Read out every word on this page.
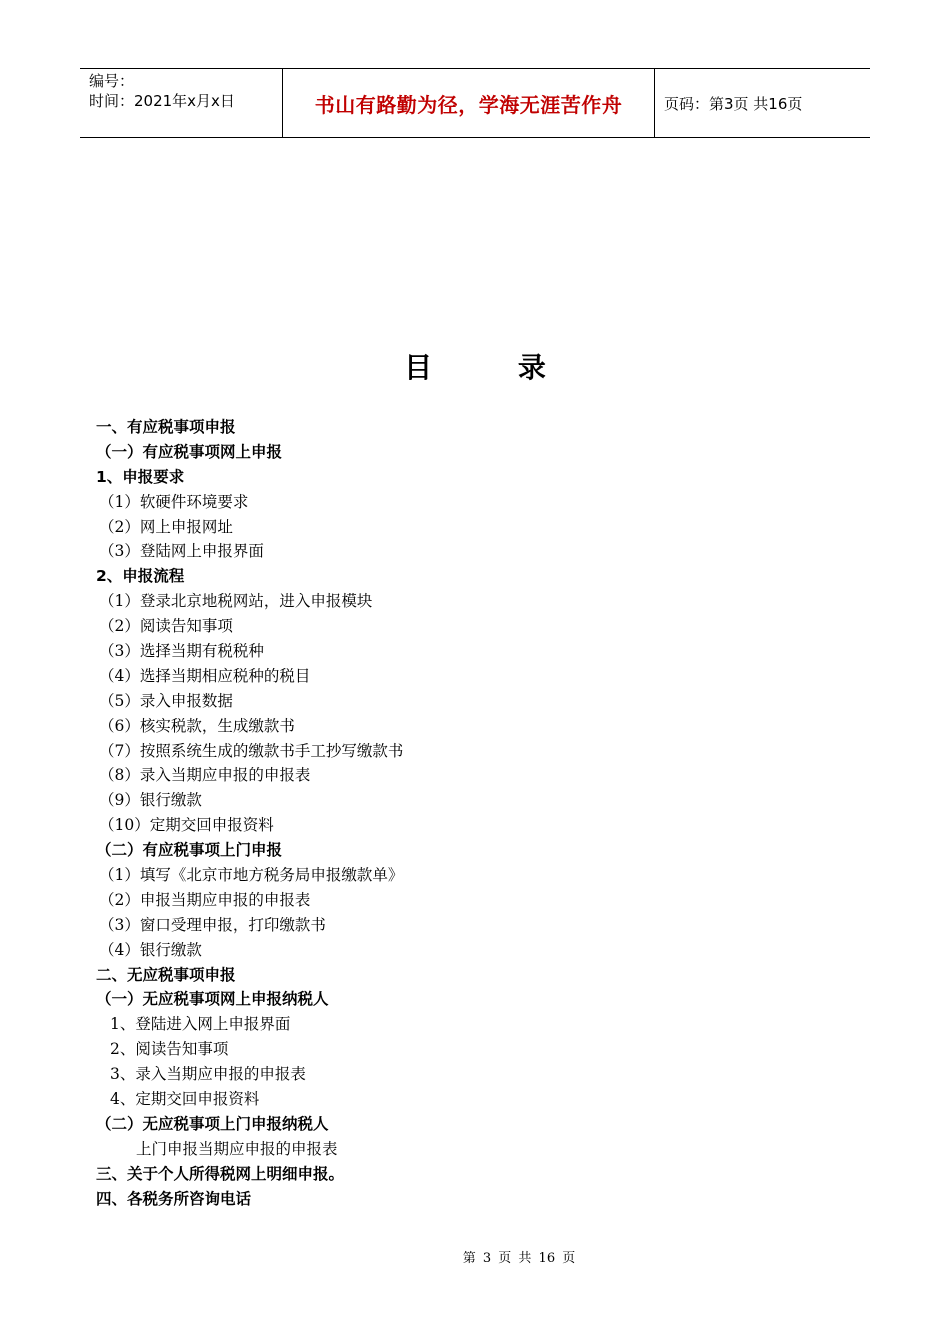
编号：
时间：2021年x月x日	书山有路勤为径，学海无涯苦作舟	页码：第3页 共16页
目 录
一、有应税事项申报
（一）有应税事项网上申报
1、申报要求
（1）软硬件环境要求
（2）网上申报网址
（3）登陆网上申报界面
2、申报流程
（1）登录北京地税网站，进入申报模块
（2）阅读告知事项
（3）选择当期有税税种
（4）选择当期相应税种的税目
（5）录入申报数据
（6）核实税款，生成缴款书
（7）按照系统生成的缴款书手工抄写缴款书
（8）录入当期应申报的申报表
（9）银行缴款
（10）定期交回申报资料
（二）有应税事项上门申报
（1）填写《北京市地方税务局申报缴款单》
（2）申报当期应申报的申报表
（3）窗口受理申报，打印缴款书
（4）银行缴款
二、无应税事项申报
（一）无应税事项网上申报纳税人
1、登陆进入网上申报界面
2、阅读告知事项
3、录入当期应申报的申报表
4、定期交回申报资料
（二）无应税事项上门申报纳税人
上门申报当期应申报的申报表
三、关于个人所得税网上明细申报。
四、各税务所咨询电话
第 3 页 共 16 页
